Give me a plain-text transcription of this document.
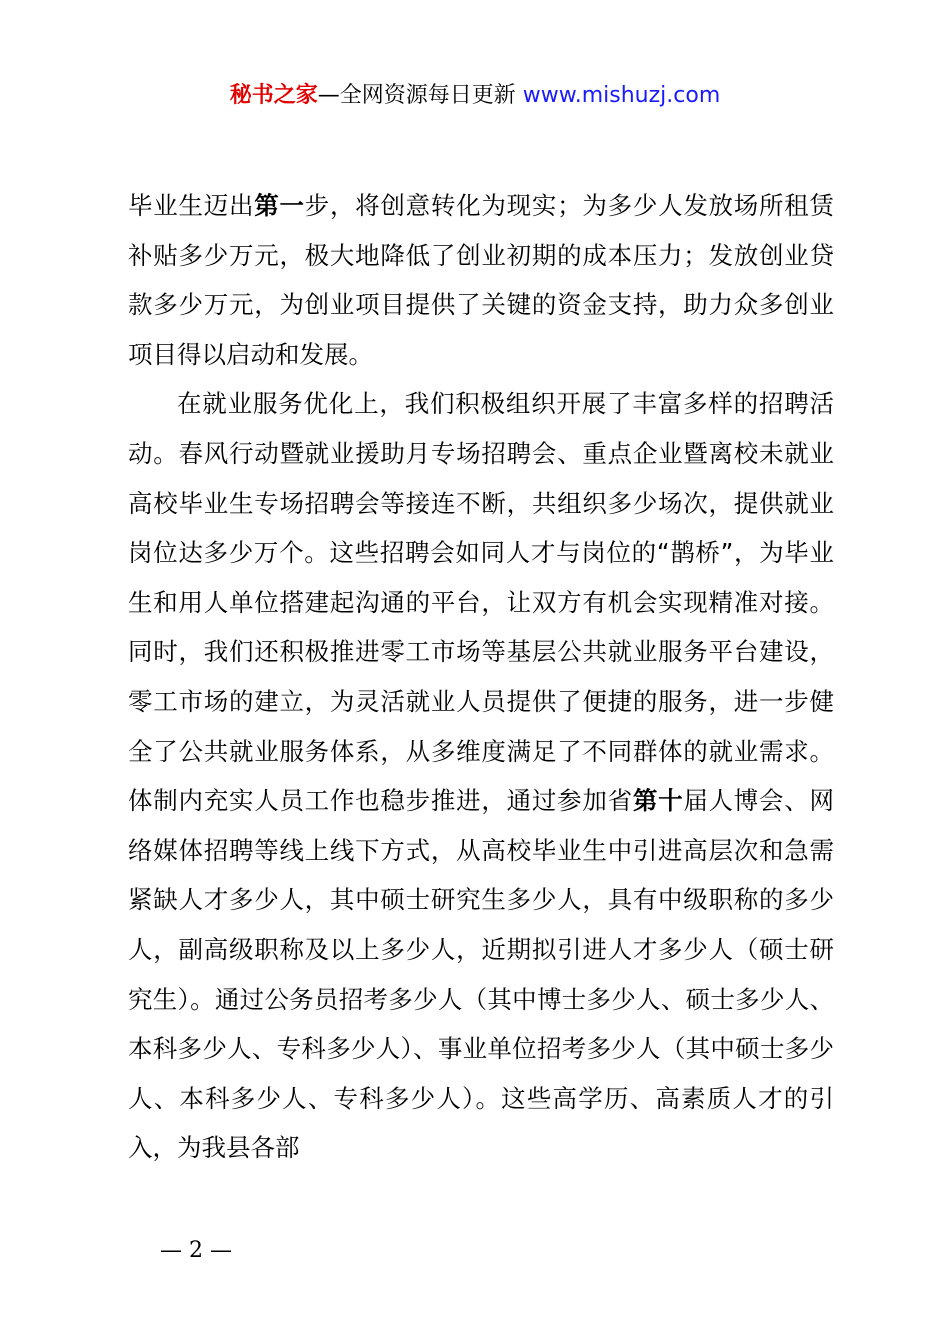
秘书之家—全网资源每日更新 www.mishuzj.com

毕业生迈出第一步，将创意转化为现实；为多少人发放场所租赁补贴多少万元，极大地降低了创业初期的成本压力；发放创业贷款多少万元，为创业项目提供了关键的资金支持，助力众多创业项目得以启动和发展。

在就业服务优化上，我们积极组织开展了丰富多样的招聘活动。春风行动暨就业援助月专场招聘会、重点企业暨离校未就业高校毕业生专场招聘会等接连不断，共组织多少场次，提供就业岗位达多少万个。这些招聘会如同人才与岗位的“鹊桥”，为毕业生和用人单位搭建起沟通的平台，让双方有机会实现精准对接。同时，我们还积极推进零工市场等基层公共就业服务平台建设，零工市场的建立，为灵活就业人员提供了便捷的服务，进一步健全了公共就业服务体系，从多维度满足了不同群体的就业需求。体制内充实人员工作也稳步推进，通过参加省第十届人博会、网络媒体招聘等线上线下方式，从高校毕业生中引进高层次和急需紧缺人才多少人，其中硕士研究生多少人，具有中级职称的多少人，副高级职称及以上多少人，近期拟引进人才多少人（硕士研究生）。通过公务员招考多少人（其中博士多少人、硕士多少人、本科多少人、专科多少人）、事业单位招考多少人（其中硕士多少人、本科多少人、专科多少人）。这些高学历、高素质人才的引入，为我县各部

— 2 —
